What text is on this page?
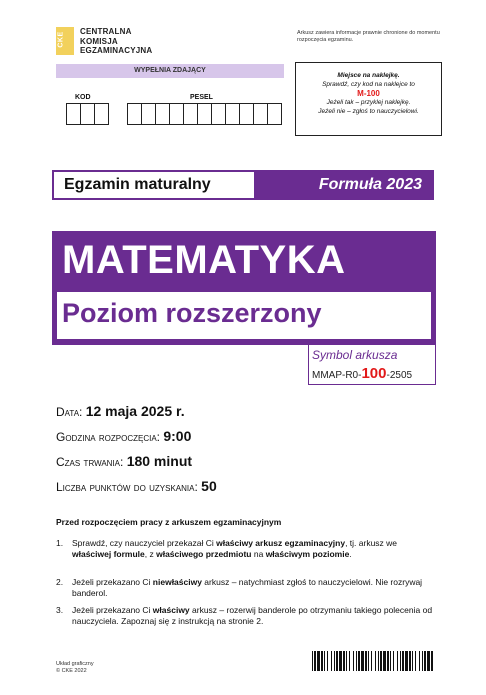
CKE CENTRALNA
KOMISJA
EGZAMINACYJNA
Arkusz zawiera informacje prawnie chronione do momentu rozpoczęcia egzaminu.
WYPEŁNIA ZDAJĄCY
KOD	PESEL
Miejsce na naklejkę.
Sprawdź, czy kod na naklejce to
M-100
Jeżeli tak – przyklej naklejkę.
Jeżeli nie – zgłoś to nauczycielowi.
Egzamin maturalny	Formuła 2023
MATEMATYKA
Poziom rozszerzony
Symbol arkusza
MMAP-R0-100-2505
Data: 12 maja 2025 r.
Godzina rozpoczęcia: 9:00
Czas trwania: 180 minut
Liczba punktów do uzyskania: 50
Przed rozpoczęciem pracy z arkuszem egzaminacyjnym
1. Sprawdź, czy nauczyciel przekazał Ci właściwy arkusz egzaminacyjny, tj. arkusz we właściwej formule, z właściwego przedmiotu na właściwym poziomie.
2. Jeżeli przekazano Ci niewłaściwy arkusz – natychmiast zgłoś to nauczycielowi. Nie rozrywaj banderol.
3. Jeżeli przekazano Ci właściwy arkusz – rozerwij banderole po otrzymaniu takiego polecenia od nauczyciela. Zapoznaj się z instrukcją na stronie 2.
Układ graficzny
© CKE 2022
